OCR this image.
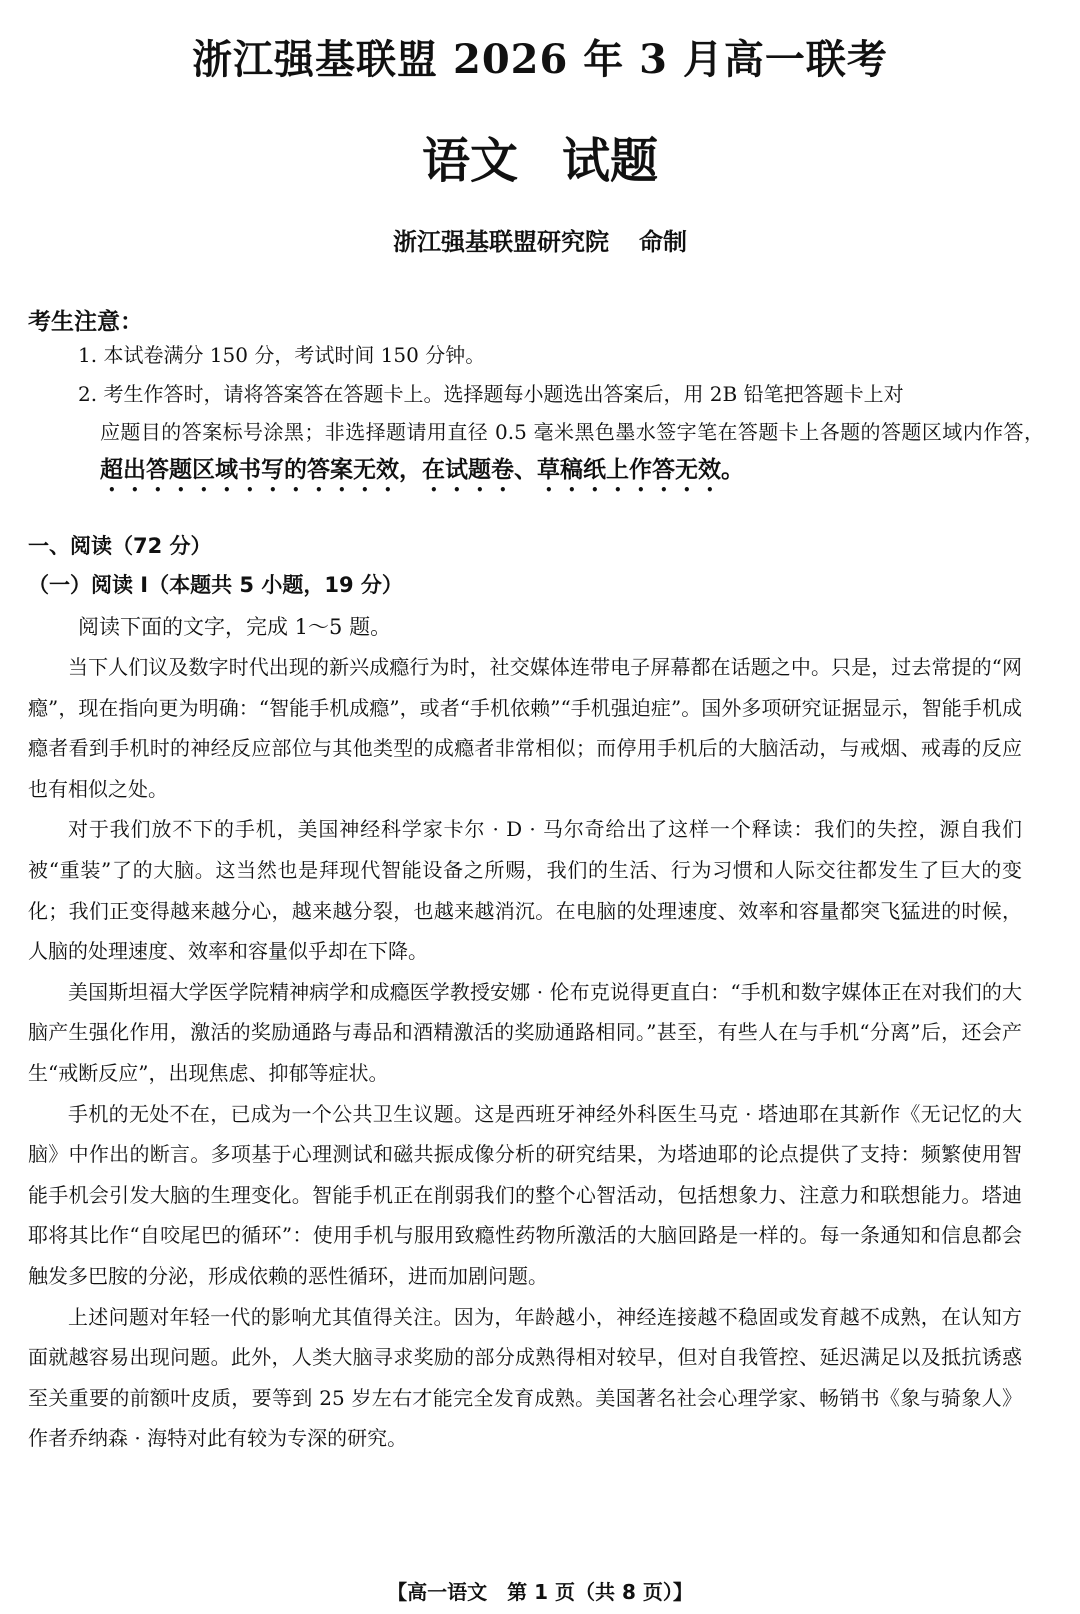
浙江强基联盟 2026 年 3 月高一联考
语文 试题
浙江强基联盟研究院 命制
考生注意：
1. 本试卷满分 150 分，考试时间 150 分钟。
2. 考生作答时，请将答案答在答题卡上。选择题每小题选出答案后，用 2B 铅笔把答题卡上对
应题目的答案标号涂黑；非选择题请用直径 0.5 毫米黑色墨水签字笔在答题卡上各题的答题区域内作答，超出答题区域书写的答案无效，在试题卷、草稿纸上作答无效。
一、阅读（72 分）
（一）阅读 Ⅰ（本题共 5 小题，19 分）
阅读下面的文字，完成 1～5 题。

当下人们议及数字时代出现的新兴成瘾行为时，社交媒体连带电子屏幕都在话题之中。只是，过去常提的“网瘾”，现在指向更为明确：“智能手机成瘾”，或者“手机依赖”“手机强迫症”。国外多项研究证据显示，智能手机成瘾者看到手机时的神经反应部位与其他类型的成瘾者非常相似；而停用手机后的大脑活动，与戒烟、戒毒的反应也有相似之处。

对于我们放不下的手机，美国神经科学家卡尔 · D · 马尔奇给出了这样一个释读：我们的失控，源自我们被“重装”了的大脑。这当然也是拜现代智能设备之所赐，我们的生活、行为习惯和人际交往都发生了巨大的变化；我们正变得越来越分心，越来越分裂，也越来越消沉。在电脑的处理速度、效率和容量都突飞猛进的时候，人脑的处理速度、效率和容量似乎却在下降。

美国斯坦福大学医学院精神病学和成瘾医学教授安娜 · 伦布克说得更直白：“手机和数字媒体正在对我们的大脑产生强化作用，激活的奖励通路与毒品和酒精激活的奖励通路相同。”甚至，有些人在与手机“分离”后，还会产生“戒断反应”，出现焦虑、抑郁等症状。

手机的无处不在，已成为一个公共卫生议题。这是西班牙神经外科医生马克 · 塔迪耶在其新作《无记忆的大脑》中作出的断言。多项基于心理测试和磁共振成像分析的研究结果，为塔迪耶的论点提供了支持：频繁使用智能手机会引发大脑的生理变化。智能手机正在削弱我们的整个心智活动，包括想象力、注意力和联想能力。塔迪耶将其比作“自咬尾巴的循环”：使用手机与服用致瘾性药物所激活的大脑回路是一样的。每一条通知和信息都会触发多巴胺的分泌，形成依赖的恶性循环，进而加剧问题。

上述问题对年轻一代的影响尤其值得关注。因为，年龄越小，神经连接越不稳固或发育越不成熟，在认知方面就越容易出现问题。此外，人类大脑寻求奖励的部分成熟得相对较早，但对自我管控、延迟满足以及抵抗诱惑至关重要的前额叶皮质，要等到 25 岁左右才能完全发育成熟。美国著名社会心理学家、畅销书《象与骑象人》作者乔纳森 · 海特对此有较为专深的研究。

【高一语文　第 1 页（共 8 页）】
